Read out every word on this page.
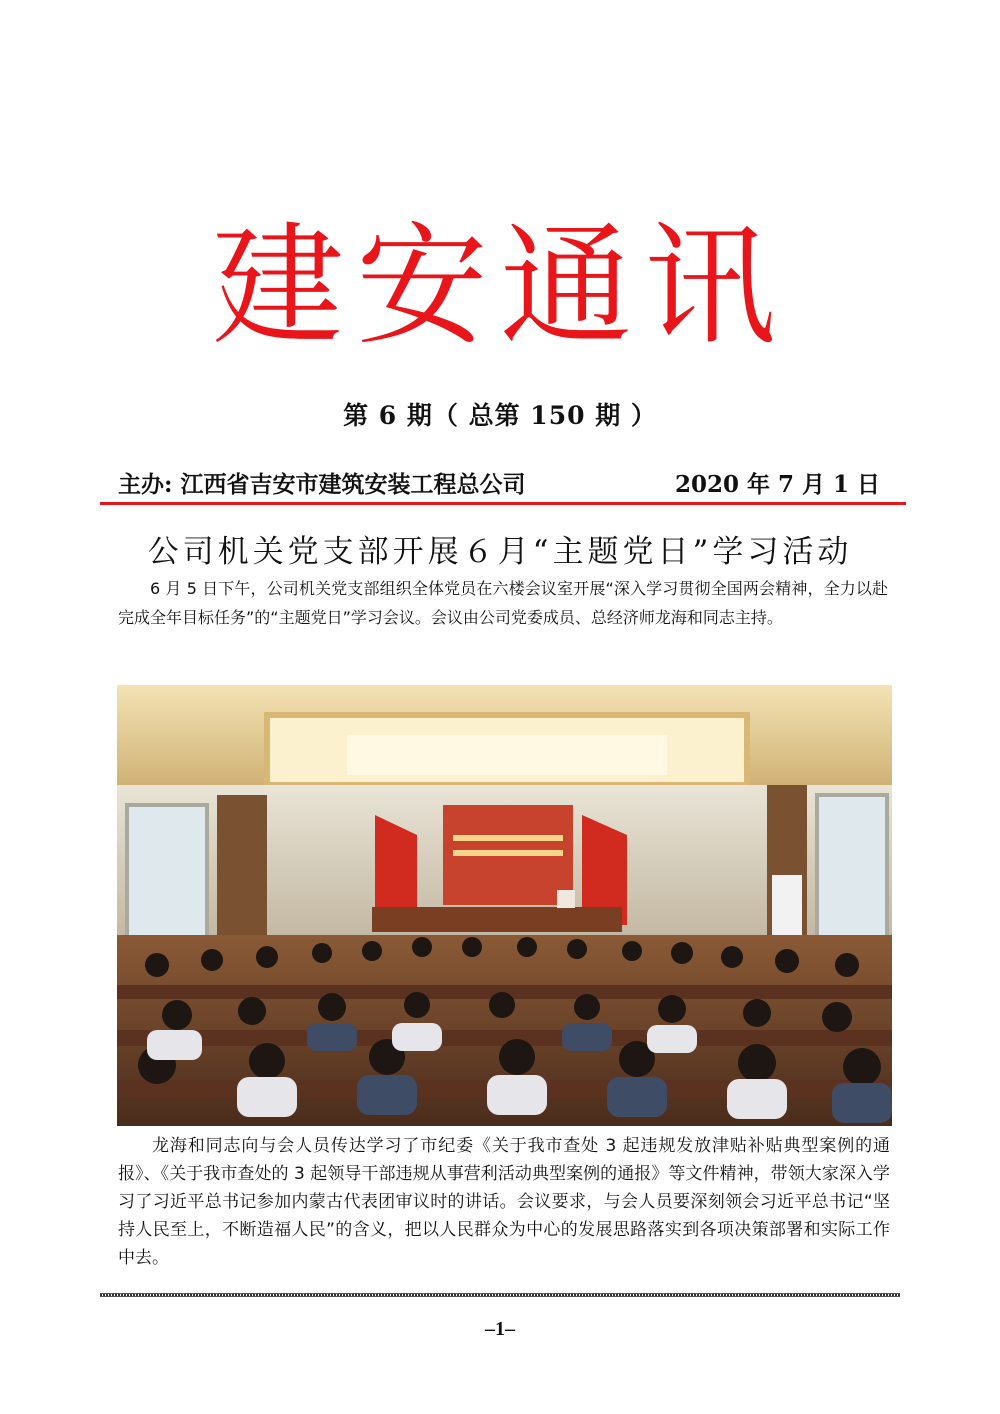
建安通讯
第 6 期（ 总第 150 期 ）
主办: 江西省吉安市建筑安装工程总公司	2020 年 7 月 1 日
公司机关党支部开展６月“主题党日”学习活动

6 月 5 日下午，公司机关党支部组织全体党员在六楼会议室开展“深入学习贯彻全国两会精神，全力以赴完成全年目标任务”的“主题党日”学习会议。会议由公司党委成员、总经济师龙海和同志主持。

龙海和同志向与会人员传达学习了市纪委《关于我市查处 3 起违规发放津贴补贴典型案例的通报》、《关于我市查处的 3 起领导干部违规从事营利活动典型案例的通报》等文件精神，带领大家深入学习了习近平总书记参加内蒙古代表团审议时的讲话。会议要求，与会人员要深刻领会习近平总书记“坚持人民至上，不断造福人民”的含义，把以人民群众为中心的发展思路落实到各项决策部署和实际工作中去。

–1–
